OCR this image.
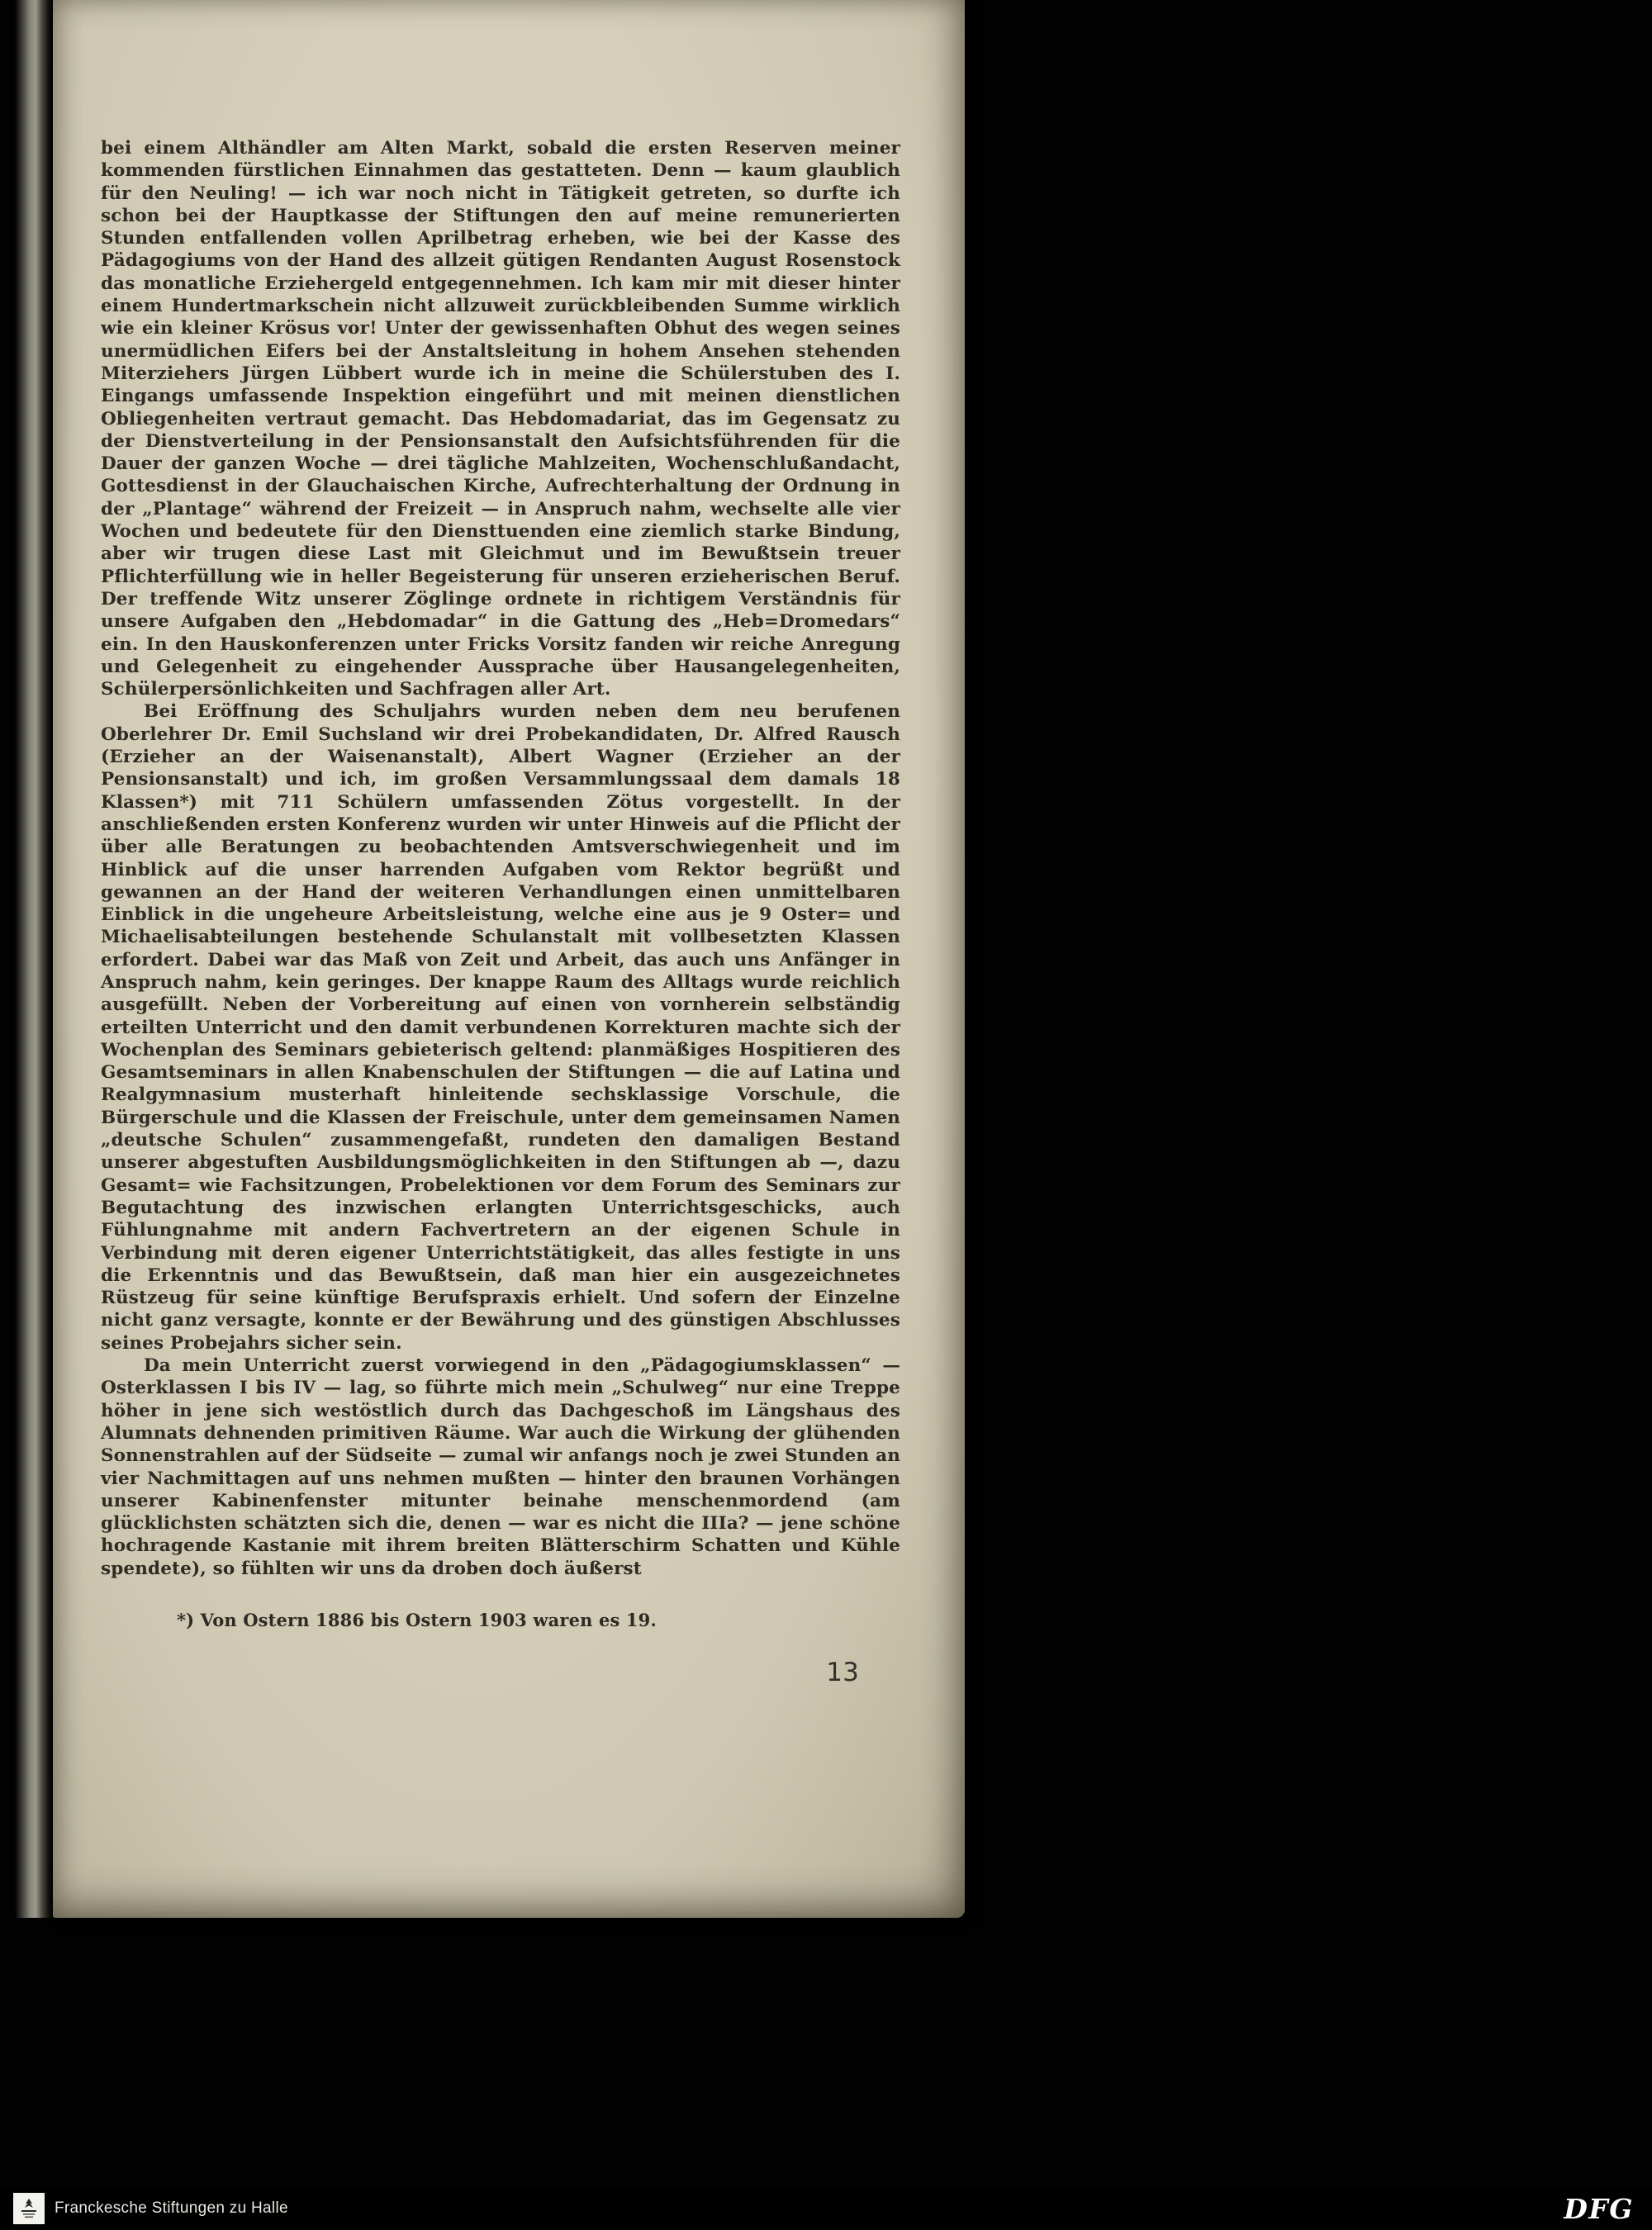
bei einem Althändler am Alten Markt, sobald die ersten Reserven meiner kommenden fürstlichen Einnahmen das gestatteten. Denn — kaum glaublich für den Neuling! — ich war noch nicht in Tätigkeit getreten, so durfte ich schon bei der Hauptkasse der Stiftungen den auf meine remunerierten Stunden entfallenden vollen Aprilbetrag erheben, wie bei der Kasse des Pädagogiums von der Hand des allzeit gütigen Rendanten August Rosenstock das monatliche Erziehergeld entgegennehmen. Ich kam mir mit dieser hinter einem Hundertmarkschein nicht allzuweit zurückbleibenden Summe wirklich wie ein kleiner Krösus vor! Unter der gewissenhaften Obhut des wegen seines unermüdlichen Eifers bei der Anstaltsleitung in hohem Ansehen stehenden Miterziehers Jürgen Lübbert wurde ich in meine die Schülerstuben des I. Eingangs umfassende Inspektion eingeführt und mit meinen dienstlichen Obliegenheiten vertraut gemacht. Das Hebdomadariat, das im Gegensatz zu der Dienstverteilung in der Pensionsanstalt den Aufsichtsführenden für die Dauer der ganzen Woche — drei tägliche Mahlzeiten, Wochenschlußandacht, Gottesdienst in der Glauchaischen Kirche, Aufrechterhaltung der Ordnung in der „Plantage“ während der Freizeit — in Anspruch nahm, wechselte alle vier Wochen und bedeutete für den Diensttuenden eine ziemlich starke Bindung, aber wir trugen diese Last mit Gleichmut und im Bewußtsein treuer Pflichterfüllung wie in heller Begeisterung für unseren erzieherischen Beruf. Der treffende Witz unserer Zöglinge ordnete in richtigem Verständnis für unsere Aufgaben den „Hebdomadar“ in die Gattung des „Heb=Dromedars“ ein. In den Hauskonferenzen unter Fricks Vorsitz fanden wir reiche Anregung und Gelegenheit zu eingehender Aussprache über Hausangelegenheiten, Schülerpersönlichkeiten und Sachfragen aller Art.

Bei Eröffnung des Schuljahrs wurden neben dem neu berufenen Oberlehrer Dr. Emil Suchsland wir drei Probekandidaten, Dr. Alfred Rausch (Erzieher an der Waisenanstalt), Albert Wagner (Erzieher an der Pensionsanstalt) und ich, im großen Versammlungssaal dem damals 18 Klassen*) mit 711 Schülern umfassenden Zötus vorgestellt. In der anschließenden ersten Konferenz wurden wir unter Hinweis auf die Pflicht der über alle Beratungen zu beobachtenden Amtsverschwiegenheit und im Hinblick auf die unser harrenden Aufgaben vom Rektor begrüßt und gewannen an der Hand der weiteren Verhandlungen einen unmittelbaren Einblick in die ungeheure Arbeitsleistung, welche eine aus je 9 Oster= und Michaelisabteilungen bestehende Schulanstalt mit vollbesetzten Klassen erfordert. Dabei war das Maß von Zeit und Arbeit, das auch uns Anfänger in Anspruch nahm, kein geringes. Der knappe Raum des Alltags wurde reichlich ausgefüllt. Neben der Vorbereitung auf einen von vornherein selbständig erteilten Unterricht und den damit verbundenen Korrekturen machte sich der Wochenplan des Seminars gebieterisch geltend: planmäßiges Hospitieren des Gesamtseminars in allen Knabenschulen der Stiftungen — die auf Latina und Realgymnasium musterhaft hinleitende sechsklassige Vorschule, die Bürgerschule und die Klassen der Freischule, unter dem gemeinsamen Namen „deutsche Schulen“ zusammengefaßt, rundeten den damaligen Bestand unserer abgestuften Ausbildungsmöglichkeiten in den Stiftungen ab —, dazu Gesamt= wie Fachsitzungen, Probelektionen vor dem Forum des Seminars zur Begutachtung des inzwischen erlangten Unterrichtsgeschicks, auch Fühlungnahme mit andern Fachvertretern an der eigenen Schule in Verbindung mit deren eigener Unterrichtstätigkeit, das alles festigte in uns die Erkenntnis und das Bewußtsein, daß man hier ein ausgezeichnetes Rüstzeug für seine künftige Berufspraxis erhielt. Und sofern der Einzelne nicht ganz versagte, konnte er der Bewährung und des günstigen Abschlusses seines Probejahrs sicher sein.

Da mein Unterricht zuerst vorwiegend in den „Pädagogiumsklassen“ — Osterklassen I bis IV — lag, so führte mich mein „Schulweg“ nur eine Treppe höher in jene sich westöstlich durch das Dachgeschoß im Längshaus des Alumnats dehnenden primitiven Räume. War auch die Wirkung der glühenden Sonnenstrahlen auf der Südseite — zumal wir anfangs noch je zwei Stunden an vier Nachmittagen auf uns nehmen mußten — hinter den braunen Vorhängen unserer Kabinenfenster mitunter beinahe menschenmordend (am glücklichsten schätzten sich die, denen — war es nicht die IIIa? — jene schöne hochragende Kastanie mit ihrem breiten Blätterschirm Schatten und Kühle spendete), so fühlten wir uns da droben doch äußerst

*) Von Ostern 1886 bis Ostern 1903 waren es 19.

13
Franckesche Stiftungen zu Halle	DFG
